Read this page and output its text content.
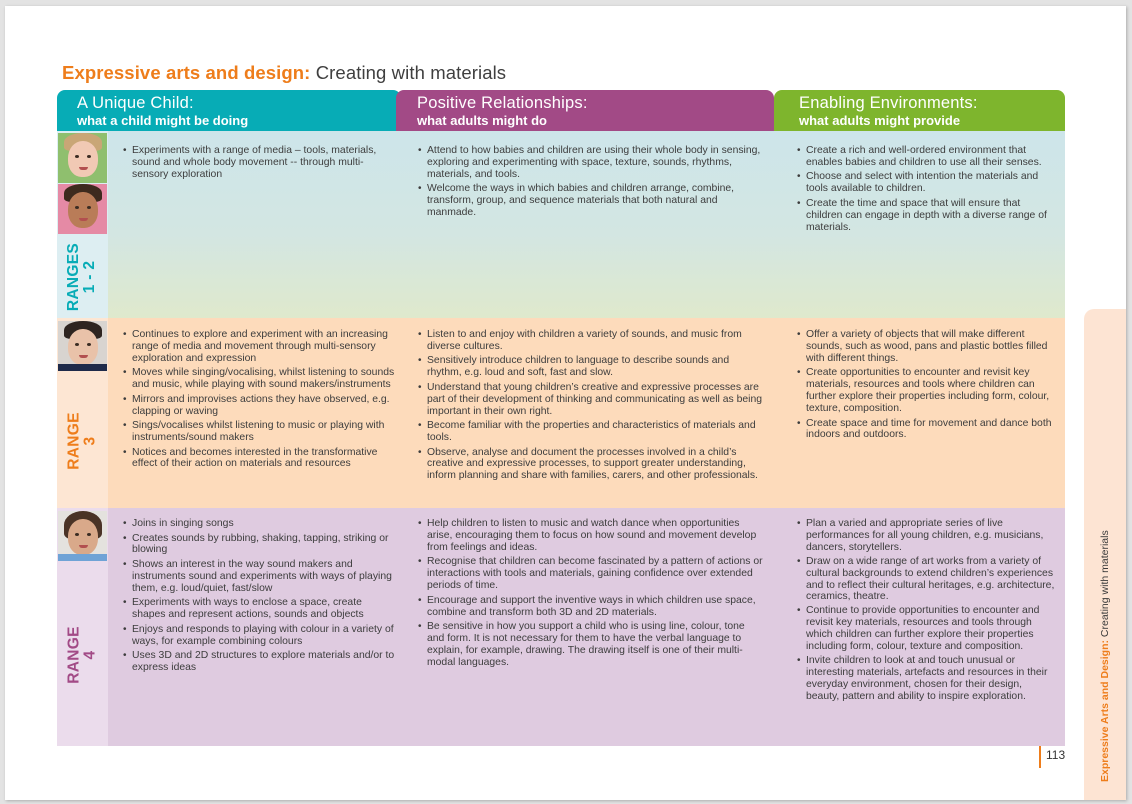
Expressive arts and design: Creating with materials
A Unique Child:
what a child might be doing
Enabling Environments:
what adults might provide
Positive Relationships:
what adults might do
RANGES 1 - 2
• Experiments with a range of media – tools, materials, sound and whole body movement -- through multi-sensory exploration
• Attend to how babies and children are using their whole body in sensing, exploring and experimenting with space, texture, sounds, rhythms, materials, and tools.
• Welcome the ways in which babies and children arrange, combine, transform, group, and sequence materials that both natural and manmade.
• Create a rich and well-ordered environment that enables babies and children to use all their senses.
• Choose and select with intention the materials and tools available to children.
• Create the time and space that will ensure that children can engage in depth with a diverse range of materials.
RANGE 3
• Continues to explore and experiment with an increasing range of media and movement through multi-sensory exploration and expression
• Moves while singing/vocalising, whilst listening to sounds and music, while playing with sound makers/instruments
• Mirrors and improvises actions they have observed, e.g. clapping or waving
• Sings/vocalises whilst listening to music or playing with instruments/sound makers
• Notices and becomes interested in the transformative effect of their action on materials and resources
• Listen to and enjoy with children a variety of sounds, and music from diverse cultures.
• Sensitively introduce children to language to describe sounds and rhythm, e.g. loud and soft, fast and slow.
• Understand that young children’s creative and expressive processes are part of their development of thinking and communicating as well as being important in their own right.
• Become familiar with the properties and characteristics of materials and tools.
• Observe, analyse and document the processes involved in a child’s creative and expressive processes, to support greater understanding, inform planning and share with families, carers, and other professionals.
• Offer a variety of objects that will make different sounds, such as wood, pans and plastic bottles filled with different things.
• Create opportunities to encounter and revisit key materials, resources and tools where children can further explore their properties including form, colour, texture, composition.
• Create space and time for movement and dance both indoors and outdoors.
RANGE 4
• Joins in singing songs
• Creates sounds by rubbing, shaking, tapping, striking or blowing
• Shows an interest in the way sound makers and instruments sound and experiments with ways of playing them, e.g. loud/quiet, fast/slow
• Experiments with ways to enclose a space, create shapes and represent actions, sounds and objects
• Enjoys and responds to playing with colour in a variety of ways, for example combining colours
• Uses 3D and 2D structures to explore materials and/or to express ideas
• Help children to listen to music and watch dance when opportunities arise, encouraging them to focus on how sound and movement develop from feelings and ideas.
• Recognise that children can become fascinated by a pattern of actions or interactions with tools and materials, gaining confidence over extended periods of time.
• Encourage and support the inventive ways in which children use space, combine and transform both 3D and 2D materials.
• Be sensitive in how you support a child who is using line, colour, tone and form. It is not necessary for them to have the verbal language to explain, for example, drawing. The drawing itself is one of their multi-modal languages.
• Plan a varied and appropriate series of live performances for all young children, e.g. musicians, dancers, storytellers.
• Draw on a wide range of art works from a variety of cultural backgrounds to extend children’s experiences and to reflect their cultural heritages, e.g. architecture, ceramics, theatre.
• Continue to provide opportunities to encounter and revisit key materials, resources and tools through which children can further explore their properties including form, colour, texture and composition.
• Invite children to look at and touch unusual or interesting materials, artefacts and resources in their everyday environment, chosen for their design, beauty, pattern and ability to inspire exploration.
113	Expressive Arts and Design: Creating with materials
